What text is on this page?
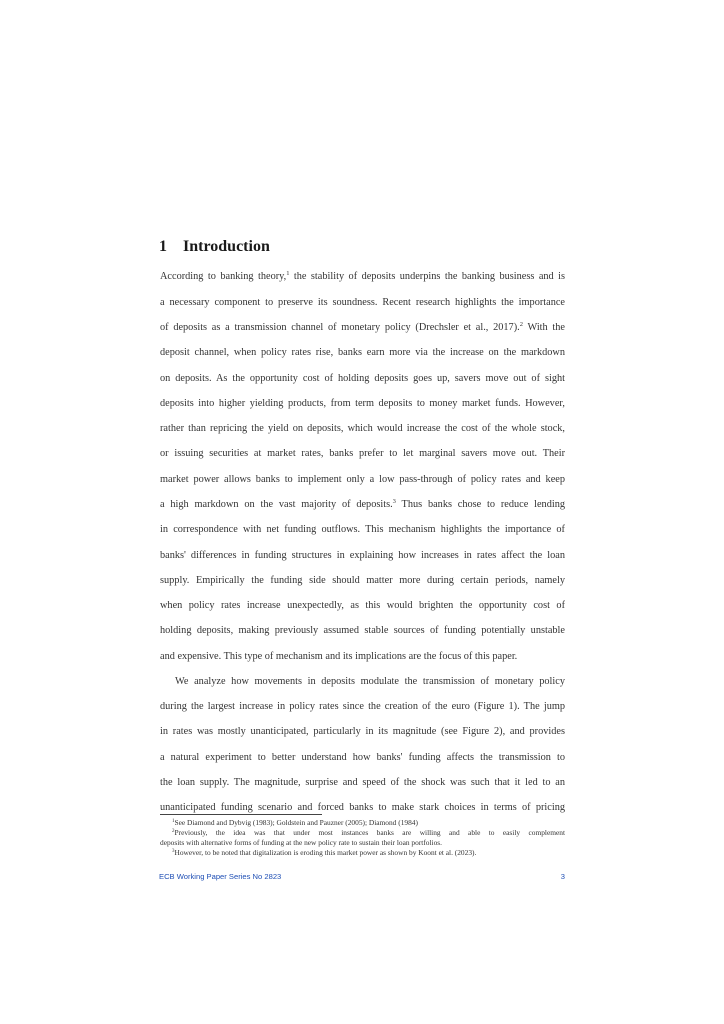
1 Introduction
According to banking theory,$^1$ the stability of deposits underpins the banking business and is
a necessary component to preserve its soundness. Recent research highlights the importance
of deposits as a transmission channel of monetary policy (Drechsler et al., 2017).$^2$ With the
deposit channel, when policy rates rise, banks earn more via the increase on the markdown
on deposits. As the opportunity cost of holding deposits goes up, savers move out of sight
deposits into higher yielding products, from term deposits to money market funds. However,
rather than repricing the yield on deposits, which would increase the cost of the whole stock,
or issuing securities at market rates, banks prefer to let marginal savers move out. Their
market power allows banks to implement only a low pass-through of policy rates and keep
a high markdown on the vast majority of deposits.$^3$ Thus banks chose to reduce lending
in correspondence with net funding outflows. This mechanism highlights the importance of
banks' differences in funding structures in explaining how increases in rates affect the loan
supply. Empirically the funding side should matter more during certain periods, namely
when policy rates increase unexpectedly, as this would brighten the opportunity cost of
holding deposits, making previously assumed stable sources of funding potentially unstable
and expensive. This type of mechanism and its implications are the focus of this paper.
We analyze how movements in deposits modulate the transmission of monetary policy
during the largest increase in policy rates since the creation of the euro (Figure 1). The jump
in rates was mostly unanticipated, particularly in its magnitude (see Figure 2), and provides
a natural experiment to better understand how banks' funding affects the transmission to
the loan supply. The magnitude, surprise and speed of the shock was such that it led to an
unanticipated funding scenario and forced banks to make stark choices in terms of pricing
$^1$See Diamond and Dybvig (1983); Goldstein and Pauzner (2005); Diamond (1984)
$^2$Previously, the idea was that under most instances banks are willing and able to easily complement
deposits with alternative forms of funding at the new policy rate to sustain their loan portfolios.
$^3$However, to be noted that digitalization is eroding this market power as shown by Koont et al. (2023).
ECB Working Paper Series No 2823	3
